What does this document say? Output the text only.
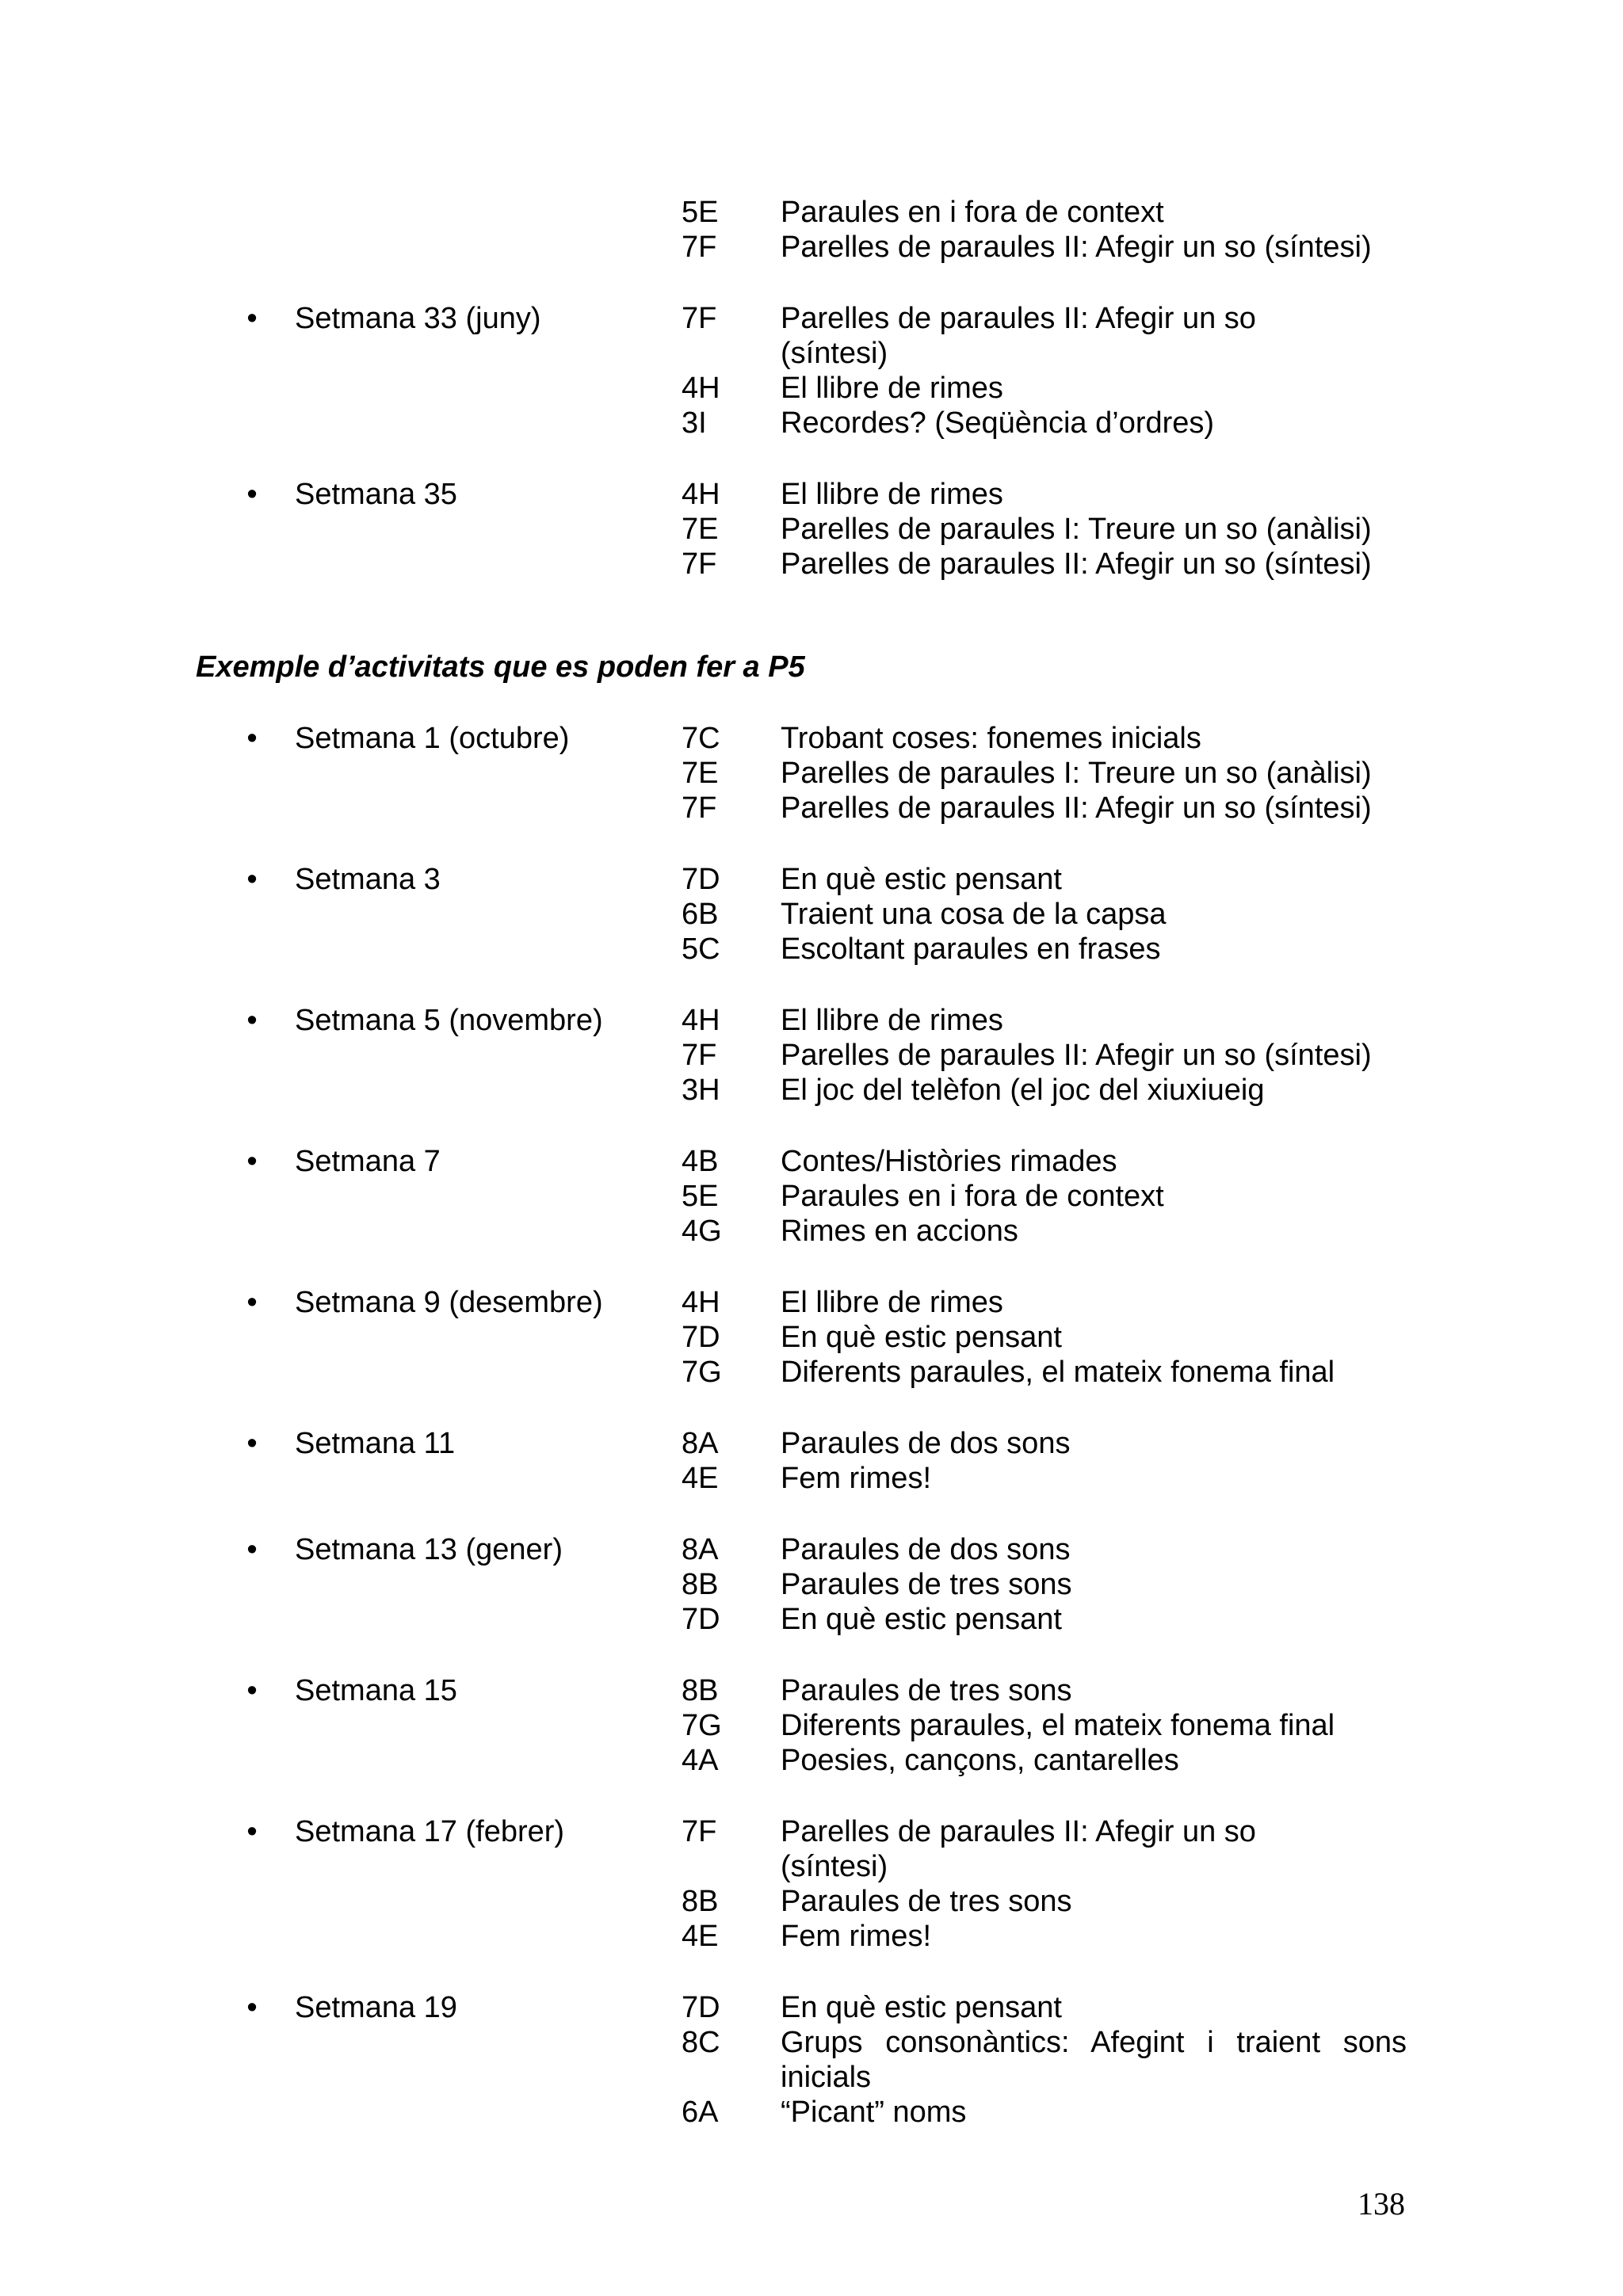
5E Paraules en i fora de context
7F Parelles de paraules II: Afegir un so (síntesi)
• Setmana 33 (juny)	7F Parelles de paraules II: Afegir un so
(síntesi)
4H El llibre de rimes
3I Recordes? (Seqüència d’ordres)
• Setmana 35	4H El llibre de rimes
7E Parelles de paraules I: Treure un so (anàlisi)
7F Parelles de paraules II: Afegir un so (síntesi)
Exemple d’activitats que es poden fer a P5
• Setmana 1 (octubre)	7C Trobant coses: fonemes inicials
7E Parelles de paraules I: Treure un so (anàlisi)
7F Parelles de paraules II: Afegir un so (síntesi)
• Setmana 3	7D En què estic pensant
6B Traient una cosa de la capsa
5C Escoltant paraules en frases
• Setmana 5 (novembre)	4H El llibre de rimes
7F Parelles de paraules II: Afegir un so (síntesi)
3H El joc del telèfon (el joc del xiuxiueig
• Setmana 7	4B Contes/Històries rimades
5E Paraules en i fora de context
4G Rimes en accions
• Setmana 9 (desembre)	4H El llibre de rimes
7D En què estic pensant
7G Diferents paraules, el mateix fonema final
• Setmana 11	8A Paraules de dos sons
4E Fem rimes!
• Setmana 13 (gener)	8A Paraules de dos sons
8B Paraules de tres sons
7D En què estic pensant
• Setmana 15	8B Paraules de tres sons
7G Diferents paraules, el mateix fonema final
4A Poesies, cançons, cantarelles
• Setmana 17 (febrer)	7F Parelles de paraules II: Afegir un so
(síntesi)
8B Paraules de tres sons
4E Fem rimes!
• Setmana 19	7D En què estic pensant
8C Grups consonàntics: Afegint i traient sons
inicials
6A “Picant” noms
138
